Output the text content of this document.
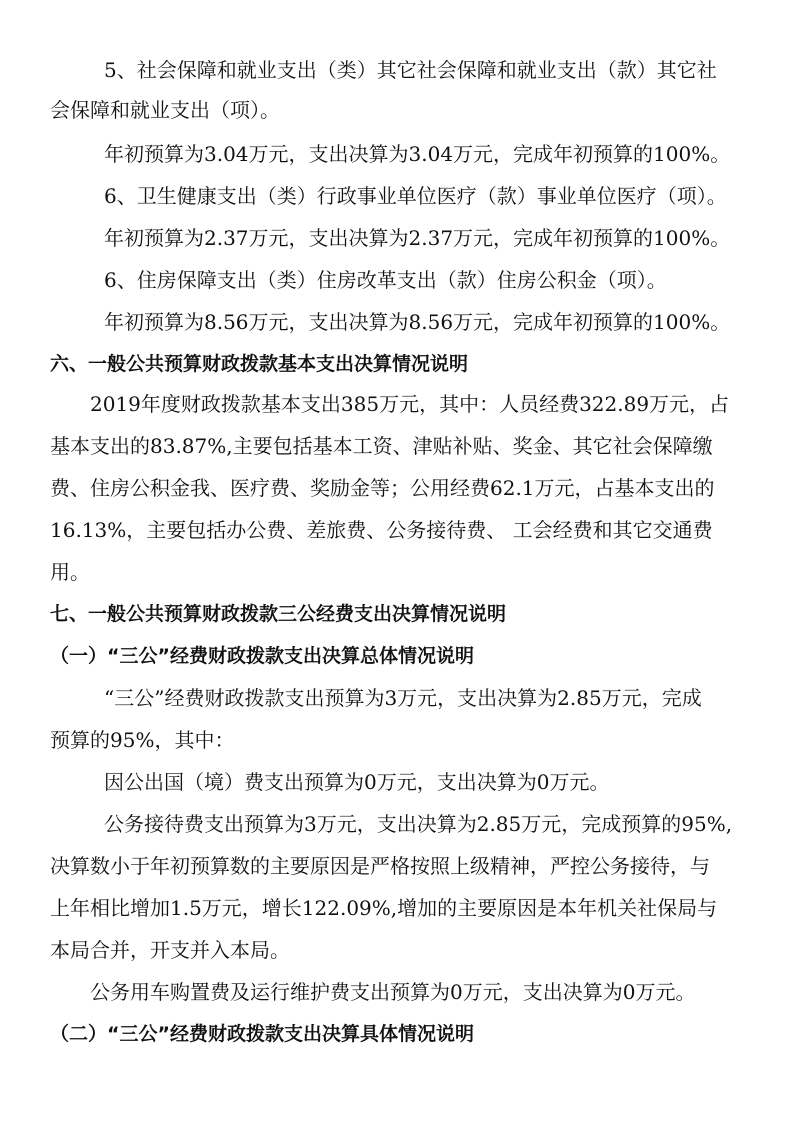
5、社会保障和就业支出（类）其它社会保障和就业支出（款）其它社
会保障和就业支出（项）。
年初预算为3.04万元，支出决算为3.04万元，完成年初预算的100%。
6、卫生健康支出（类）行政事业单位医疗（款）事业单位医疗（项）。
年初预算为2.37万元，支出决算为2.37万元，完成年初预算的100%。
6、住房保障支出（类）住房改革支出（款）住房公积金（项）。
年初预算为8.56万元，支出决算为8.56万元，完成年初预算的100%。
六、一般公共预算财政拨款基本支出决算情况说明
2019年度财政拨款基本支出385万元，其中：人员经费322.89万元，占
基本支出的83.87%,主要包括基本工资、津贴补贴、奖金、其它社会保障缴
费、住房公积金我、医疗费、奖励金等；公用经费62.1万元，占基本支出的
16.13%，主要包括办公费、差旅费、公务接待费、 工会经费和其它交通费
用。
七、一般公共预算财政拨款三公经费支出决算情况说明
（一）“三公”经费财政拨款支出决算总体情况说明
“三公”经费财政拨款支出预算为3万元，支出决算为2.85万元，完成
预算的95%，其中：
因公出国（境）费支出预算为0万元，支出决算为0万元。
公务接待费支出预算为3万元，支出决算为2.85万元，完成预算的95%,
决算数小于年初预算数的主要原因是严格按照上级精神，严控公务接待，与
上年相比增加1.5万元，增长122.09%,增加的主要原因是本年机关社保局与
本局合并，开支并入本局。
公务用车购置费及运行维护费支出预算为0万元，支出决算为0万元。
（二）“三公”经费财政拨款支出决算具体情况说明
